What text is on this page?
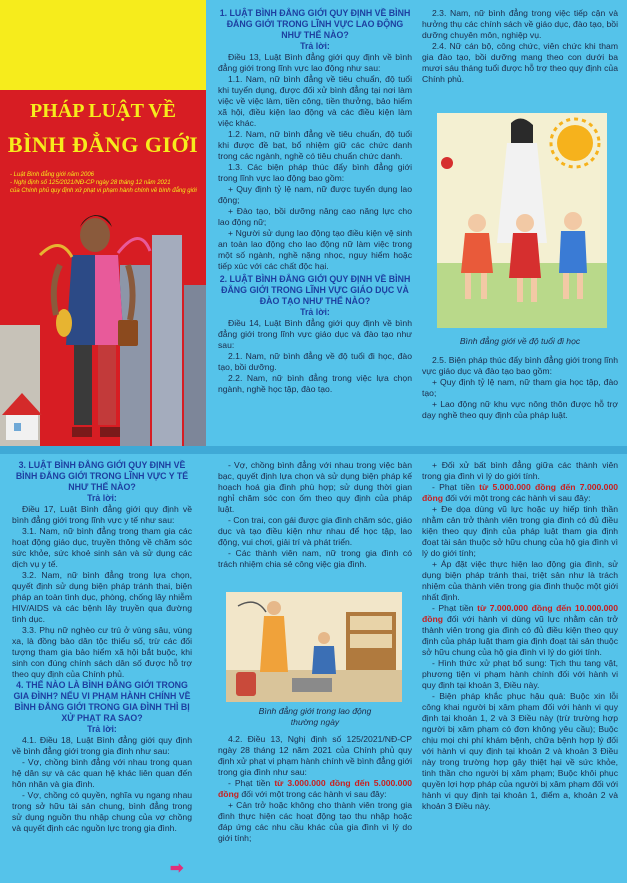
PHÁP LUẬT VỀ
BÌNH ĐẲNG GIỚI

- Luật Bình đẳng giới năm 2006

- Nghị định số 125/2021/NĐ-CP ngày 28 tháng 12 năm 2021

của Chính phủ quy định xử phạt vi phạm hành chính về bình đẳng giới

1. LUẬT BÌNH ĐẲNG GIỚI QUY ĐỊNH VỀ BÌNH ĐẲNG GIỚI TRONG LĨNH VỰC LAO ĐỘNG NHƯ THẾ NÀO?

Trả lời:

Điều 13, Luật Bình đẳng giới quy định về bình đẳng giới trong lĩnh vực lao động như sau:

1.1. Nam, nữ bình đẳng về tiêu chuẩn, độ tuổi khi tuyển dụng, được đối xử bình đẳng tại nơi làm việc về việc làm, tiền công, tiền thưởng, bảo hiểm xã hội, điều kiện lao động và các điều kiện làm việc khác.

1.2. Nam, nữ bình đẳng về tiêu chuẩn, độ tuổi khi được đề bạt, bổ nhiệm giữ các chức danh trong các ngành, nghề có tiêu chuẩn chức danh.

1.3. Các biện pháp thúc đẩy bình đẳng giới trong lĩnh vực lao động bao gồm:

+ Quy định tỷ lệ nam, nữ được tuyển dụng lao động;

+ Đào tạo, bồi dưỡng nâng cao năng lực cho lao động nữ;

+ Người sử dụng lao động tạo điều kiện vệ sinh an toàn lao động cho lao động nữ làm việc trong một số ngành, nghề nặng nhọc, nguy hiểm hoặc tiếp xúc với các chất độc hại.

2. LUẬT BÌNH ĐẲNG GIỚI QUY ĐỊNH VỀ BÌNH ĐẲNG GIỚI TRONG LĨNH VỰC GIÁO DỤC VÀ ĐÀO TẠO NHƯ THẾ NÀO?

Trả lời:

Điều 14, Luật Bình đẳng giới quy định về bình đẳng giới trong lĩnh vực giáo dục và đào tạo như sau:

2.1. Nam, nữ bình đẳng về độ tuổi đi học, đào tạo, bồi dưỡng.

2.2. Nam, nữ bình đẳng trong việc lựa chọn ngành, nghề học tập, đào tạo.

2.3. Nam, nữ bình đẳng trong việc tiếp cận và hưởng thụ các chính sách về giáo dục, đào tạo, bồi dưỡng chuyên môn, nghiệp vụ.

2.4. Nữ cán bộ, công chức, viên chức khi tham gia đào tạo, bồi dưỡng mang theo con dưới ba mươi sáu tháng tuổi được hỗ trợ theo quy định của Chính phủ.

Bình đẳng giới về độ tuổi đi học

2.5. Biện pháp thúc đẩy bình đẳng giới trong lĩnh vực giáo dục và đào tạo bao gồm:

+ Quy định tỷ lệ nam, nữ tham gia học tập, đào tạo;

+ Lao động nữ khu vực nông thôn được hỗ trợ dạy nghề theo quy định của pháp luật.

3. LUẬT BÌNH ĐẲNG GIỚI QUY ĐỊNH VỀ BÌNH ĐẲNG GIỚI TRONG LĨNH VỰC Y TẾ NHƯ THẾ NÀO?

Trả lời:

Điều 17, Luật Bình đẳng giới quy định về bình đẳng giới trong lĩnh vực y tế như sau:

3.1. Nam, nữ bình đẳng trong tham gia các hoạt động giáo dục, truyền thông về chăm sóc sức khỏe, sức khoẻ sinh sản và sử dụng các dịch vụ y tế.

3.2. Nam, nữ bình đẳng trong lựa chọn, quyết định sử dụng biện pháp tránh thai, biện pháp an toàn tình dục, phòng, chống lây nhiễm HIV/AIDS và các bệnh lây truyền qua đường tình dục.

3.3. Phụ nữ nghèo cư trú ở vùng sâu, vùng xa, là đồng bào dân tộc thiểu số, trừ các đối tượng tham gia bảo hiểm xã hội bắt buộc, khi sinh con đúng chính sách dân số được hỗ trợ theo quy định của Chính phủ.

4. THẾ NÀO LÀ BÌNH ĐẲNG GIỚI TRONG GIA ĐÌNH? NẾU VI PHẠM HÀNH CHÍNH VỀ BÌNH ĐẲNG GIỚI TRONG GIA ĐÌNH THÌ BỊ XỬ PHẠT RA SAO?

Trả lời:

4.1. Điều 18, Luật Bình đẳng giới quy định về bình đẳng giới trong gia đình như sau:

- Vợ, chồng bình đẳng với nhau trong quan hệ dân sự và các quan hệ khác liên quan đến hôn nhân và gia đình.

- Vợ, chồng có quyền, nghĩa vụ ngang nhau trong sở hữu tài sản chung, bình đẳng trong sử dụng nguồn thu nhập chung của vợ chồng và quyết định các nguồn lực trong gia đình.

➡

- Vợ, chồng bình đẳng với nhau trong việc bàn bạc, quyết định lựa chọn và sử dụng biện pháp kế hoạch hoá gia đình phù hợp; sử dụng thời gian nghỉ chăm sóc con ốm theo quy định của pháp luật.

- Con trai, con gái được gia đình chăm sóc, giáo dục và tạo điều kiện như nhau để học tập, lao động, vui chơi, giải trí và phát triển.

- Các thành viên nam, nữ trong gia đình có trách nhiệm chia sẻ công việc gia đình.

Bình đẳng giới trong lao động

thường ngày

4.2. Điều 13, Nghị định số 125/2021/NĐ-CP ngày 28 tháng 12 năm 2021 của Chính phủ quy định xử phạt vi phạm hành chính về bình đẳng giới trong gia đình như sau:

- Phạt tiền từ 3.000.000 đồng đến 5.000.000 đồng đối với một trong các hành vi sau đây:

+ Cản trở hoặc không cho thành viên trong gia đình thực hiện các hoạt động tạo thu nhập hoặc đáp ứng các nhu cầu khác của gia đình vì lý do giới tính;

+ Đối xử bất bình đẳng giữa các thành viên trong gia đình vì lý do giới tính.

- Phạt tiền từ 5.000.000 đồng đến 7.000.000 đồng đối với một trong các hành vi sau đây:

+ Đe dọa dùng vũ lực hoặc uy hiếp tinh thần nhằm cản trở thành viên trong gia đình có đủ điều kiện theo quy định của pháp luật tham gia định đoạt tài sản thuộc sở hữu chung của hộ gia đình vì lý do giới tính;

+ Áp đặt việc thực hiện lao động gia đình, sử dụng biện pháp tránh thai, triệt sản như là trách nhiệm của thành viên trong gia đình thuộc một giới nhất định.

- Phạt tiền từ 7.000.000 đồng đến 10.000.000 đồng đối với hành vi dùng vũ lực nhằm cản trở thành viên trong gia đình có đủ điều kiện theo quy định của pháp luật tham gia định đoạt tài sản thuộc sở hữu chung của hộ gia đình vì lý do giới tính.

- Hình thức xử phạt bổ sung: Tịch thu tang vật, phương tiện vi phạm hành chính đối với hành vi quy định tại khoản 3, Điều này.

- Biện pháp khắc phục hậu quả: Buộc xin lỗi công khai người bị xâm phạm đối với hành vi quy định tại khoản 1, 2 và 3 Điều này (trừ trường hợp người bị xâm phạm có đơn không yêu cầu); Buộc chịu mọi chi phí khám bệnh, chữa bệnh hợp lý đối với hành vi quy định tại khoản 2 và khoản 3 Điều này trong trường hợp gây thiệt hại về sức khỏe, tinh thần cho người bị xâm phạm; Buộc khôi phục quyền lợi hợp pháp của người bị xâm phạm đối với hành vi quy định tại khoản 1, điểm a, khoản 2 và khoản 3 Điều này.
